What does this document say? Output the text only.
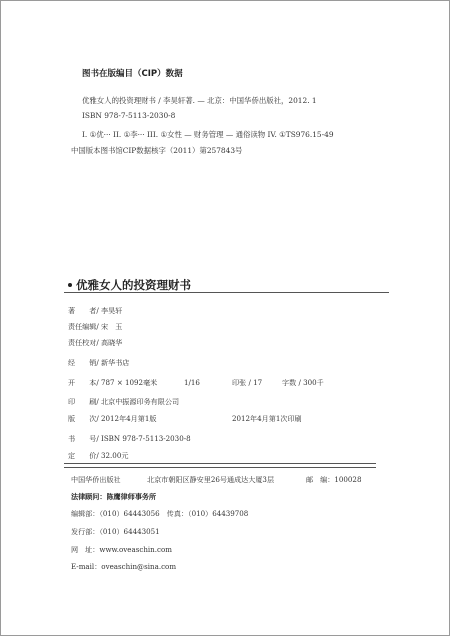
图书在版编目（CIP）数据
优雅女人的投资理财书 / 李昊轩著. — 北京：中国华侨出版社，2012. 1
ISBN 978-7-5113-2030-8
I. ①优··· II. ①李··· III. ①女性 — 财务管理 — 通俗读物 IV. ①TS976.15-49
中国版本图书馆CIP数据核字（2011）第257843号
优雅女人的投资理财书
著　　者/ 李昊轩
责任编辑/ 宋　玉
责任校对/ 高晓华
经　　销/ 新华书店
开　　本/ 787 × 1092毫米	1/16	印张 / 17	字数 / 300千
印　　刷/ 北京中振源印务有限公司
版　　次/ 2012年4月第1版	2012年4月第1次印刷
书　　号/ ISBN 978-7-5113-2030-8
定　　价/ 32.00元
中国华侨出版社	北京市朝阳区静安里26号通成达大厦3层	邮　编：100028
法律顾问：陈鹰律师事务所
编辑部：（010）64443056　传真：（010）64439708
发行部：（010）64443051
网　址：www.oveaschin.com
E-mail：oveaschin@sina.com
